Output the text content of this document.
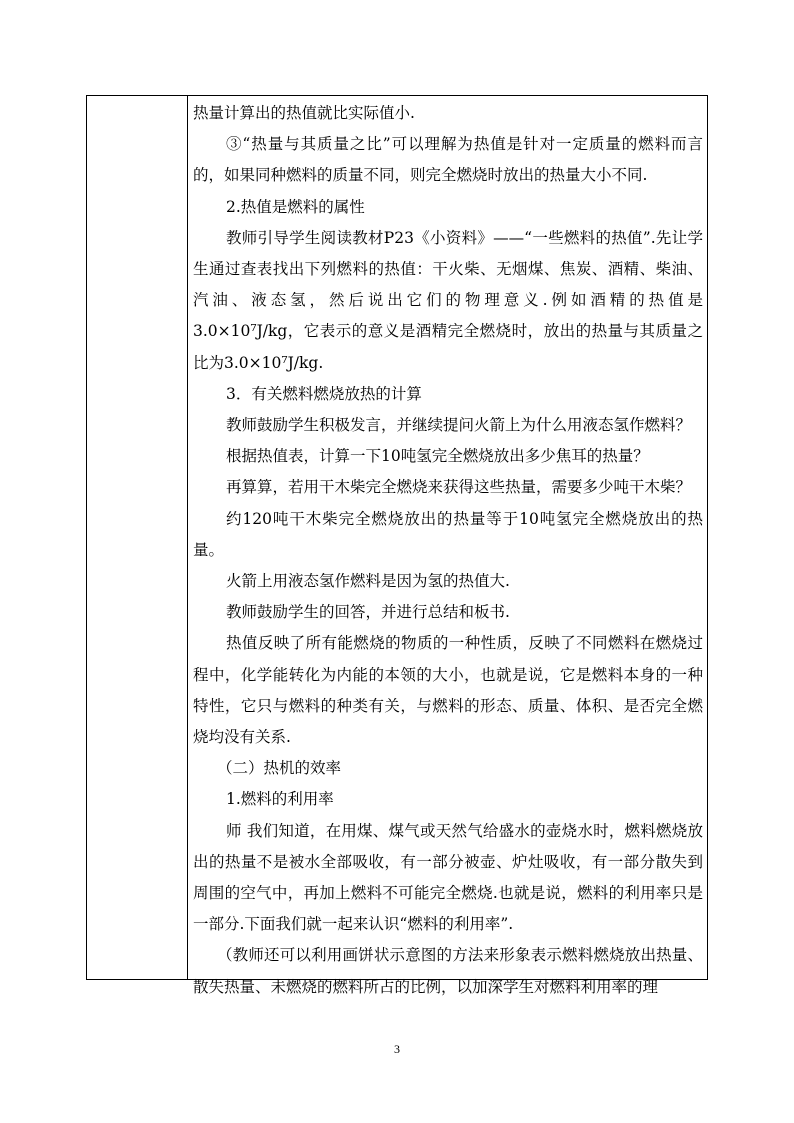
热量计算出的热值就比实际值小.

③“热量与其质量之比”可以理解为热值是针对一定质量的燃料而言的，如果同种燃料的质量不同，则完全燃烧时放出的热量大小不同.

2.热值是燃料的属性

教师引导学生阅读教材P23《小资料》——“一些燃料的热值”.先让学生通过查表找出下列燃料的热值：干火柴、无烟煤、焦炭、酒精、柴油、汽油、液态氢，然后说出它们的物理意义.例如酒精的热值是3.0×10⁷J/kg，它表示的意义是酒精完全燃烧时，放出的热量与其质量之比为3.0×10⁷J/kg.

3．有关燃料燃烧放热的计算

教师鼓励学生积极发言，并继续提问火箭上为什么用液态氢作燃料？

根据热值表，计算一下10吨氢完全燃烧放出多少焦耳的热量？

再算算，若用干木柴完全燃烧来获得这些热量，需要多少吨干木柴？

约120吨干木柴完全燃烧放出的热量等于10吨氢完全燃烧放出的热量。

火箭上用液态氢作燃料是因为氢的热值大.

教师鼓励学生的回答，并进行总结和板书.

热值反映了所有能燃烧的物质的一种性质，反映了不同燃料在燃烧过程中，化学能转化为内能的本领的大小，也就是说，它是燃料本身的一种特性，它只与燃料的种类有关，与燃料的形态、质量、体积、是否完全燃烧均没有关系.

（二）热机的效率

1.燃料的利用率

师 我们知道，在用煤、煤气或天然气给盛水的壶烧水时，燃料燃烧放出的热量不是被水全部吸收，有一部分被壶、炉灶吸收，有一部分散失到周围的空气中，再加上燃料不可能完全燃烧.也就是说，燃料的利用率只是一部分.下面我们就一起来认识“燃料的利用率”.

（教师还可以利用画饼状示意图的方法来形象表示燃料燃烧放出热量、散失热量、未燃烧的燃料所占的比例，以加深学生对燃料利用率的理

3
